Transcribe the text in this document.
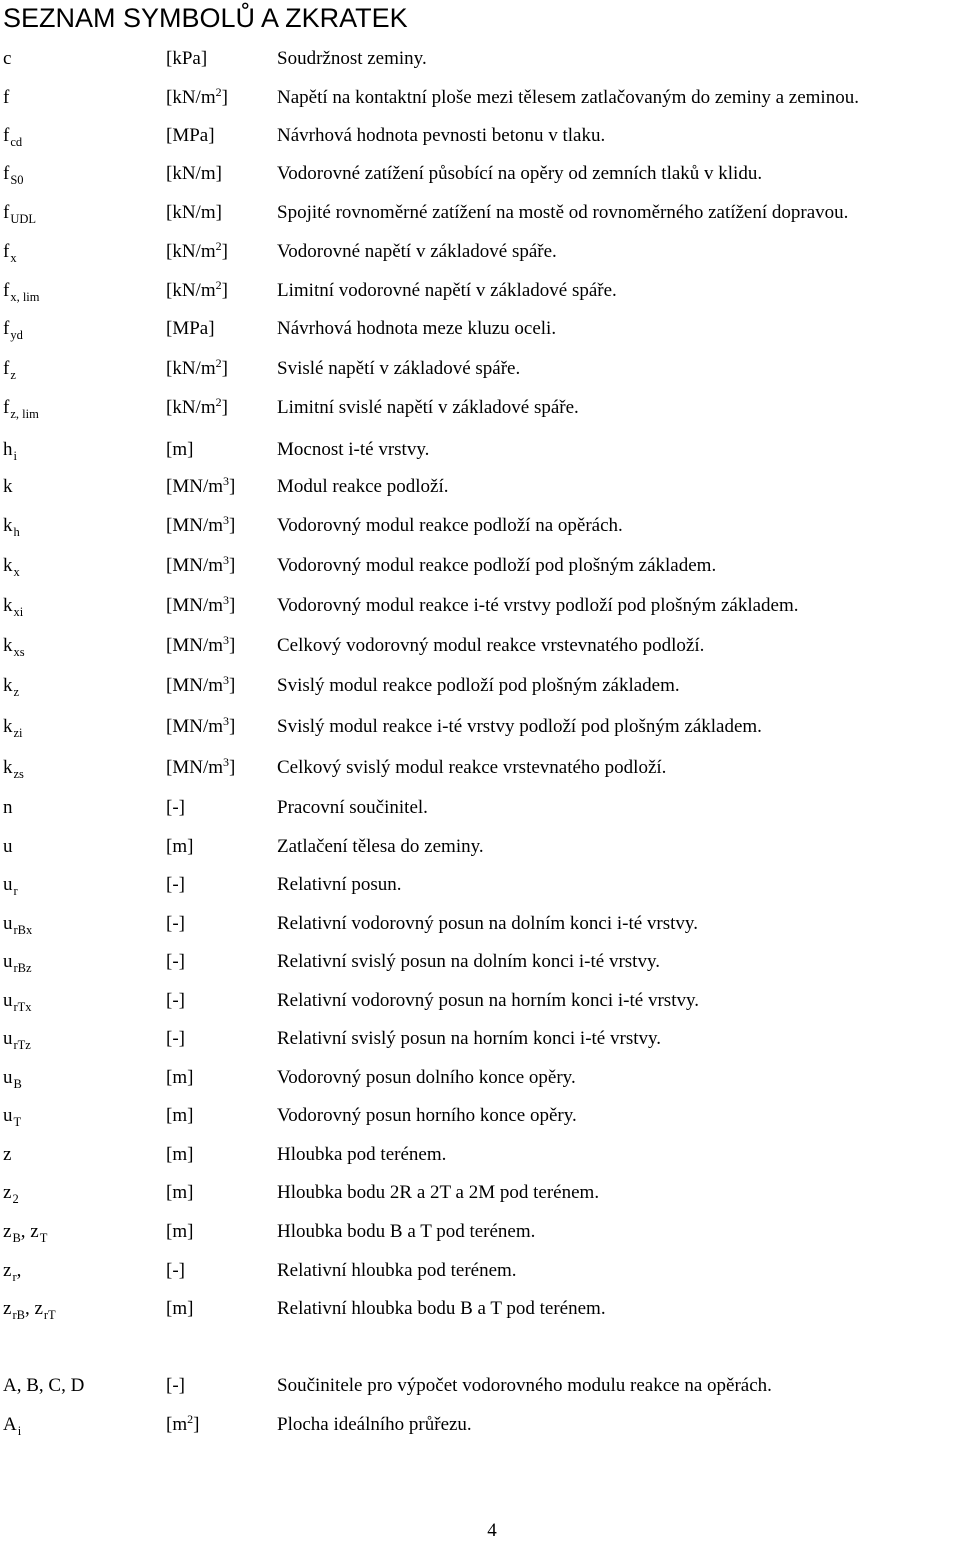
SEZNAM SYMBOLŮ A ZKRATEK
c	[kPa]	Soudržnost zeminy.
f	$[kN/m^2]$	Napětí na kontaktní ploše mezi tělesem zatlačovaným do zeminy a zeminou.
$f_{cd}$	[MPa]	Návrhová hodnota pevnosti betonu v tlaku.
$f_{S0}$	[kN/m]	Vodorovné zatížení působící na opěry od zemních tlaků v klidu.
$f_{UDL}$	[kN/m]	Spojité rovnoměrné zatížení na mostě od rovnoměrného zatížení dopravou.
$f_x$	$[kN/m^2]$	Vodorovné napětí v základové spáře.
$f_{x, lim}$	$[kN/m^2]$	Limitní vodorovné napětí v základové spáře.
$f_{yd}$	[MPa]	Návrhová hodnota meze kluzu oceli.
$f_z$	$[kN/m^2]$	Svislé napětí v základové spáře.
$f_{z, lim}$	$[kN/m^2]$	Limitní svislé napětí v základové spáře.
$h_i$	[m]	Mocnost i-té vrstvy.
k	$[MN/m^3]$ Modul reakce podloží.
$k_h$	$[MN/m^3]$ Vodorovný modul reakce podloží na opěrách.
$k_x$	$[MN/m^3]$ Vodorovný modul reakce podloží pod plošným základem.
$k_{xi}$	$[MN/m^3]$ Vodorovný modul reakce i-té vrstvy podloží pod plošným základem.
$k_{xs}$	$[MN/m^3]$ Celkový vodorovný modul reakce vrstevnatého podloží.
$k_z$	$[MN/m^3]$ Svislý modul reakce podloží pod plošným základem.
$k_{zi}$	$[MN/m^3]$ Svislý modul reakce i-té vrstvy podloží pod plošným základem.
$k_{zs}$	$[MN/m^3]$ Celkový svislý modul reakce vrstevnatého podloží.
n	[-]	Pracovní součinitel.
u	[m]	Zatlačení tělesa do zeminy.
$u_r$	[-]	Relativní posun.
$u_{rBx}$	[-]	Relativní vodorovný posun na dolním konci i-té vrstvy.
$u_{rBz}$	[-]	Relativní svislý posun na dolním konci i-té vrstvy.
$u_{rTx}$	[-]	Relativní vodorovný posun na horním konci i-té vrstvy.
$u_{rTz}$	[-]	Relativní svislý posun na horním konci i-té vrstvy.
$u_B$	[m]	Vodorovný posun dolního konce opěry.
$u_T$	[m]	Vodorovný posun horního konce opěry.
z	[m]	Hloubka pod terénem.
$z_2$	[m]	Hloubka bodu 2R a 2T a 2M pod terénem.
$z_B$, $z_T$	[m]	Hloubka bodu B a T pod terénem.
$z_r$,	[-]	Relativní hloubka pod terénem.
$z_{rB}$, $z_{rT}$	[m]	Relativní hloubka bodu B a T pod terénem.
A, B, C, D	[-]	Součinitele pro výpočet vodorovného modulu reakce na opěrách.
$A_i$	$[m^2]$	Plocha ideálního průřezu.
4
